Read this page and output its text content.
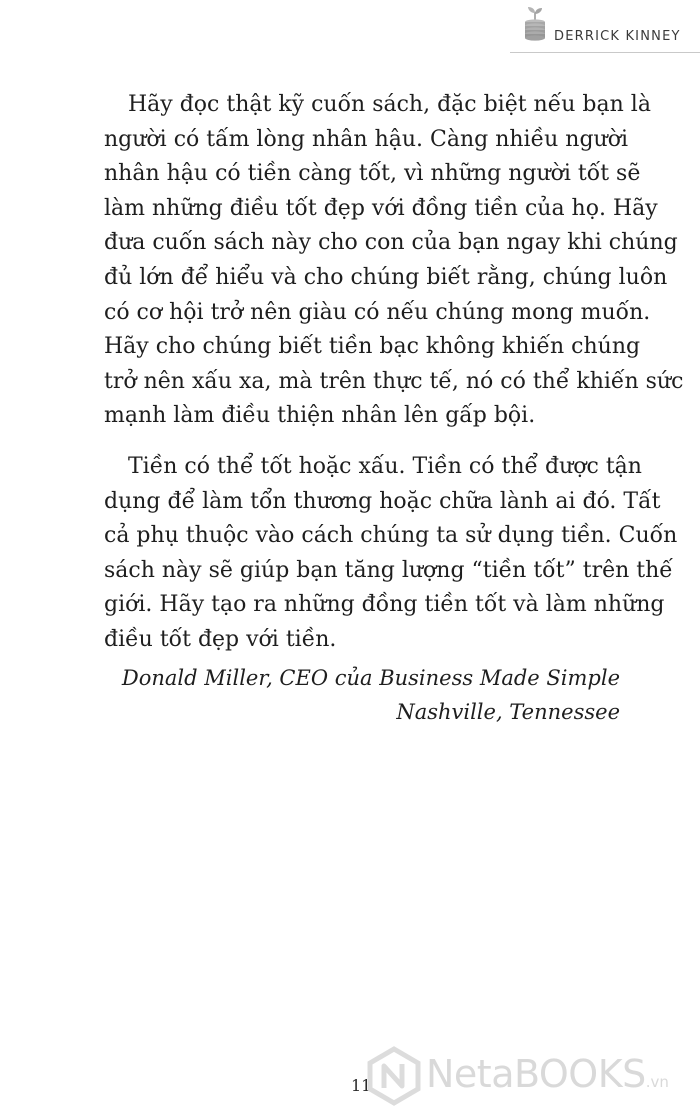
DERRICK KINNEY

Hãy đọc thật kỹ cuốn sách, đặc biệt nếu bạn là
người có tấm lòng nhân hậu. Càng nhiều người
nhân hậu có tiền càng tốt, vì những người tốt sẽ
làm những điều tốt đẹp với đồng tiền của họ. Hãy
đưa cuốn sách này cho con của bạn ngay khi chúng
đủ lớn để hiểu và cho chúng biết rằng, chúng luôn
có cơ hội trở nên giàu có nếu chúng mong muốn.
Hãy cho chúng biết tiền bạc không khiến chúng
trở nên xấu xa, mà trên thực tế, nó có thể khiến sức
mạnh làm điều thiện nhân lên gấp bội.

Tiền có thể tốt hoặc xấu. Tiền có thể được tận
dụng để làm tổn thương hoặc chữa lành ai đó. Tất
cả phụ thuộc vào cách chúng ta sử dụng tiền. Cuốn
sách này sẽ giúp bạn tăng lượng “tiền tốt” trên thế
giới. Hãy tạo ra những đồng tiền tốt và làm những
điều tốt đẹp với tiền.

Donald Miller, CEO của Business Made Simple
Nashville, Tennessee
11 NetaBOOKS.vn
